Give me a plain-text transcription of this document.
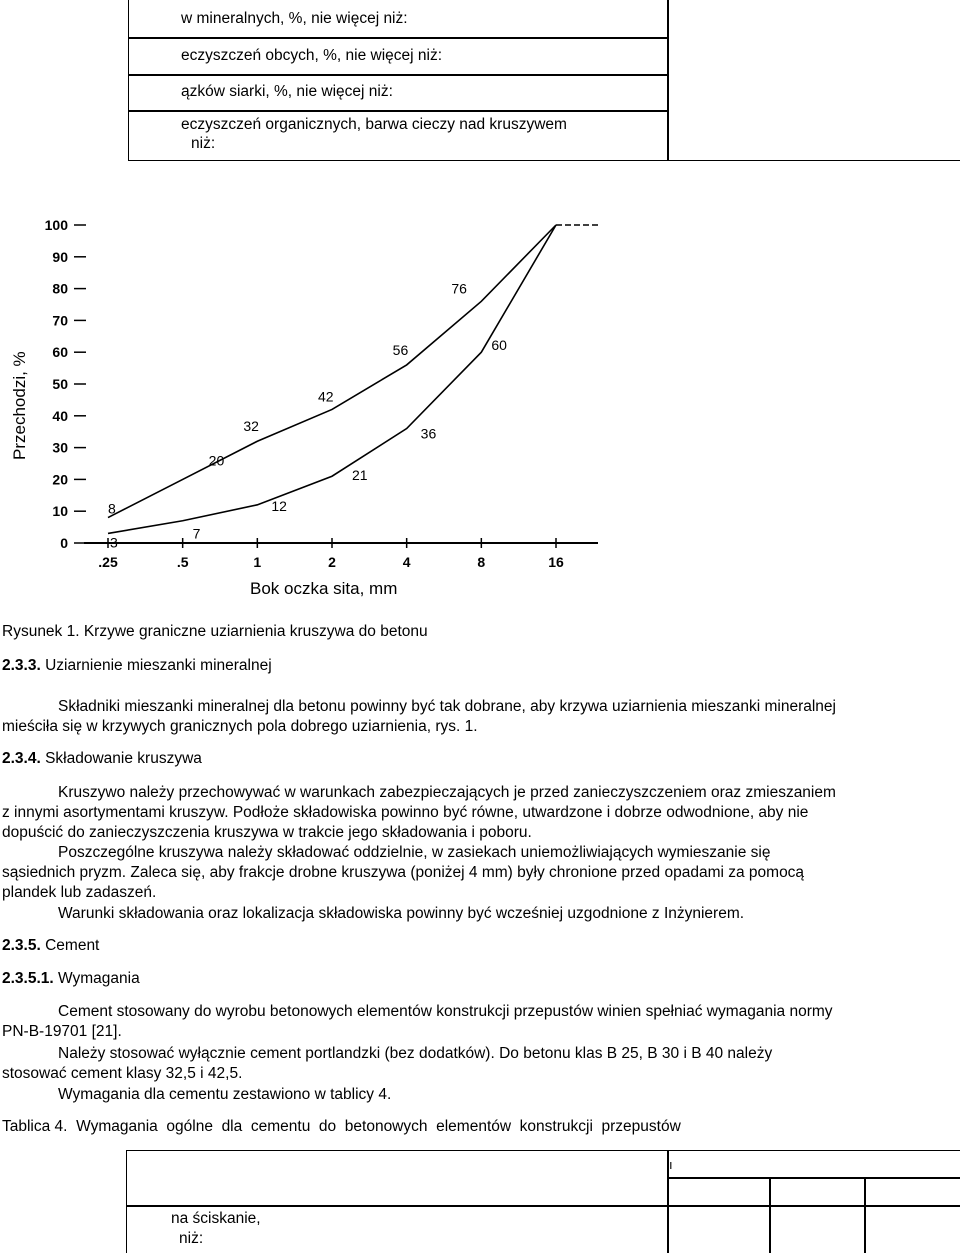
w mineralnych, %, nie więcej niż:
eczyszczeń obcych, %, nie więcej niż:
ązków siarki, %, nie więcej niż:
eczyszczeń organicznych, barwa cieczy nad kruszywem
niż:
0
10
20
30
40
50
60
70
80
90
100
.25	.5	1	2	4	8	16
8
20
32
42
56
76
3
7
12
21
36
60
Przechodzi, %
Bok oczka sita, mm
Rysunek 1. Krzywe graniczne uziarnienia kruszywa do betonu
2.3.3. Uziarnienie mieszanki mineralnej
Składniki mieszanki mineralnej dla betonu powinny być tak dobrane, aby krzywa uziarnienia mieszanki mineralnej
mieściła się w krzywych granicznych pola dobrego uziarnienia, rys. 1.
2.3.4. Składowanie kruszywa
Kruszywo należy przechowywać w warunkach zabezpieczających je przed zanieczyszczeniem oraz zmieszaniem
z innymi asortymentami kruszyw. Podłoże składowiska powinno być równe, utwardzone i dobrze odwodnione, aby nie
dopuścić do zanieczyszczenia kruszywa w trakcie jego składowania i poboru.
Poszczególne kruszywa należy składować oddzielnie, w zasiekach uniemożliwiających wymieszanie się
sąsiednich pryzm. Zaleca się, aby frakcje drobne kruszywa (poniżej 4 mm) były chronione przed opadami za pomocą
plandek lub zadaszeń.
Warunki składowania oraz lokalizacja składowiska powinny być wcześniej uzgodnione z Inżynierem.
2.3.5. Cement
2.3.5.1. Wymagania
Cement stosowany do wyrobu betonowych elementów konstrukcji przepustów winien spełniać wymagania normy
PN-B-19701 [21].
Należy stosować wyłącznie cement portlandzki (bez dodatków). Do betonu klas B 25, B 30 i B 40 należy
stosować cement klasy 32,5 i 42,5.
Wymagania dla cementu zestawiono w tablicy 4.
Tablica 4.  Wymagania  ogólne  dla  cementu  do  betonowych  elementów  konstrukcji  przepustów
ı
na ściskanie,
niż:
